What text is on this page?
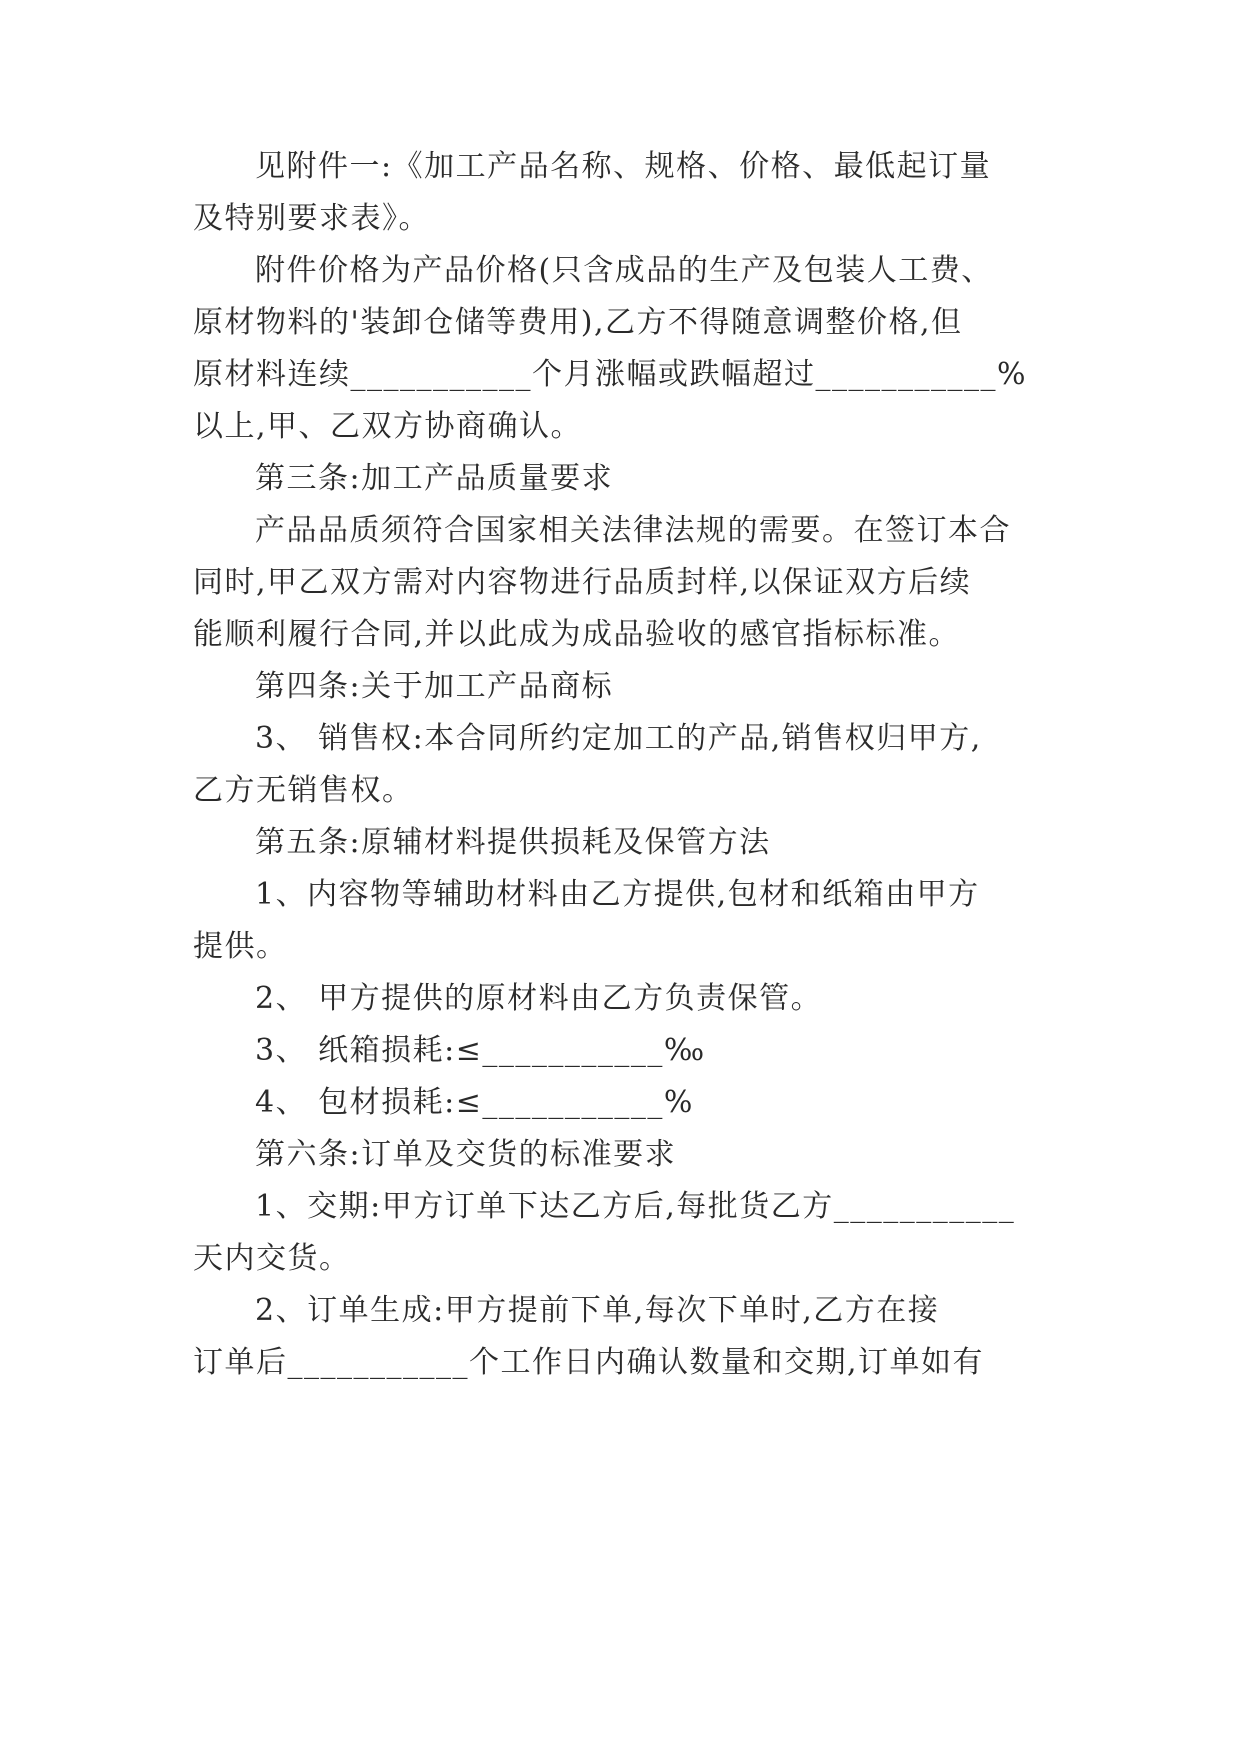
见附件一:《加工产品名称、规格、价格、最低起订量
及特别要求表》。
附件价格为产品价格(只含成品的生产及包装人工费、
原材物料的'装卸仓储等费用),乙方不得随意调整价格,但
原材料连续___________个月涨幅或跌幅超过___________%
以上,甲、乙双方协商确认。
第三条:加工产品质量要求
产品品质须符合国家相关法律法规的需要。在签订本合
同时,甲乙双方需对内容物进行品质封样,以保证双方后续
能顺利履行合同,并以此成为成品验收的感官指标标准。
第四条:关于加工产品商标
3、 销售权:本合同所约定加工的产品,销售权归甲方,
乙方无销售权。
第五条:原辅材料提供损耗及保管方法
1、内容物等辅助材料由乙方提供,包材和纸箱由甲方
提供。
2、 甲方提供的原材料由乙方负责保管。
3、 纸箱损耗:≤___________‰
4、 包材损耗:≤___________%
第六条:订单及交货的标准要求
1、交期:甲方订单下达乙方后,每批货乙方___________
天内交货。
2、订单生成:甲方提前下单,每次下单时,乙方在接
订单后___________个工作日内确认数量和交期,订单如有
